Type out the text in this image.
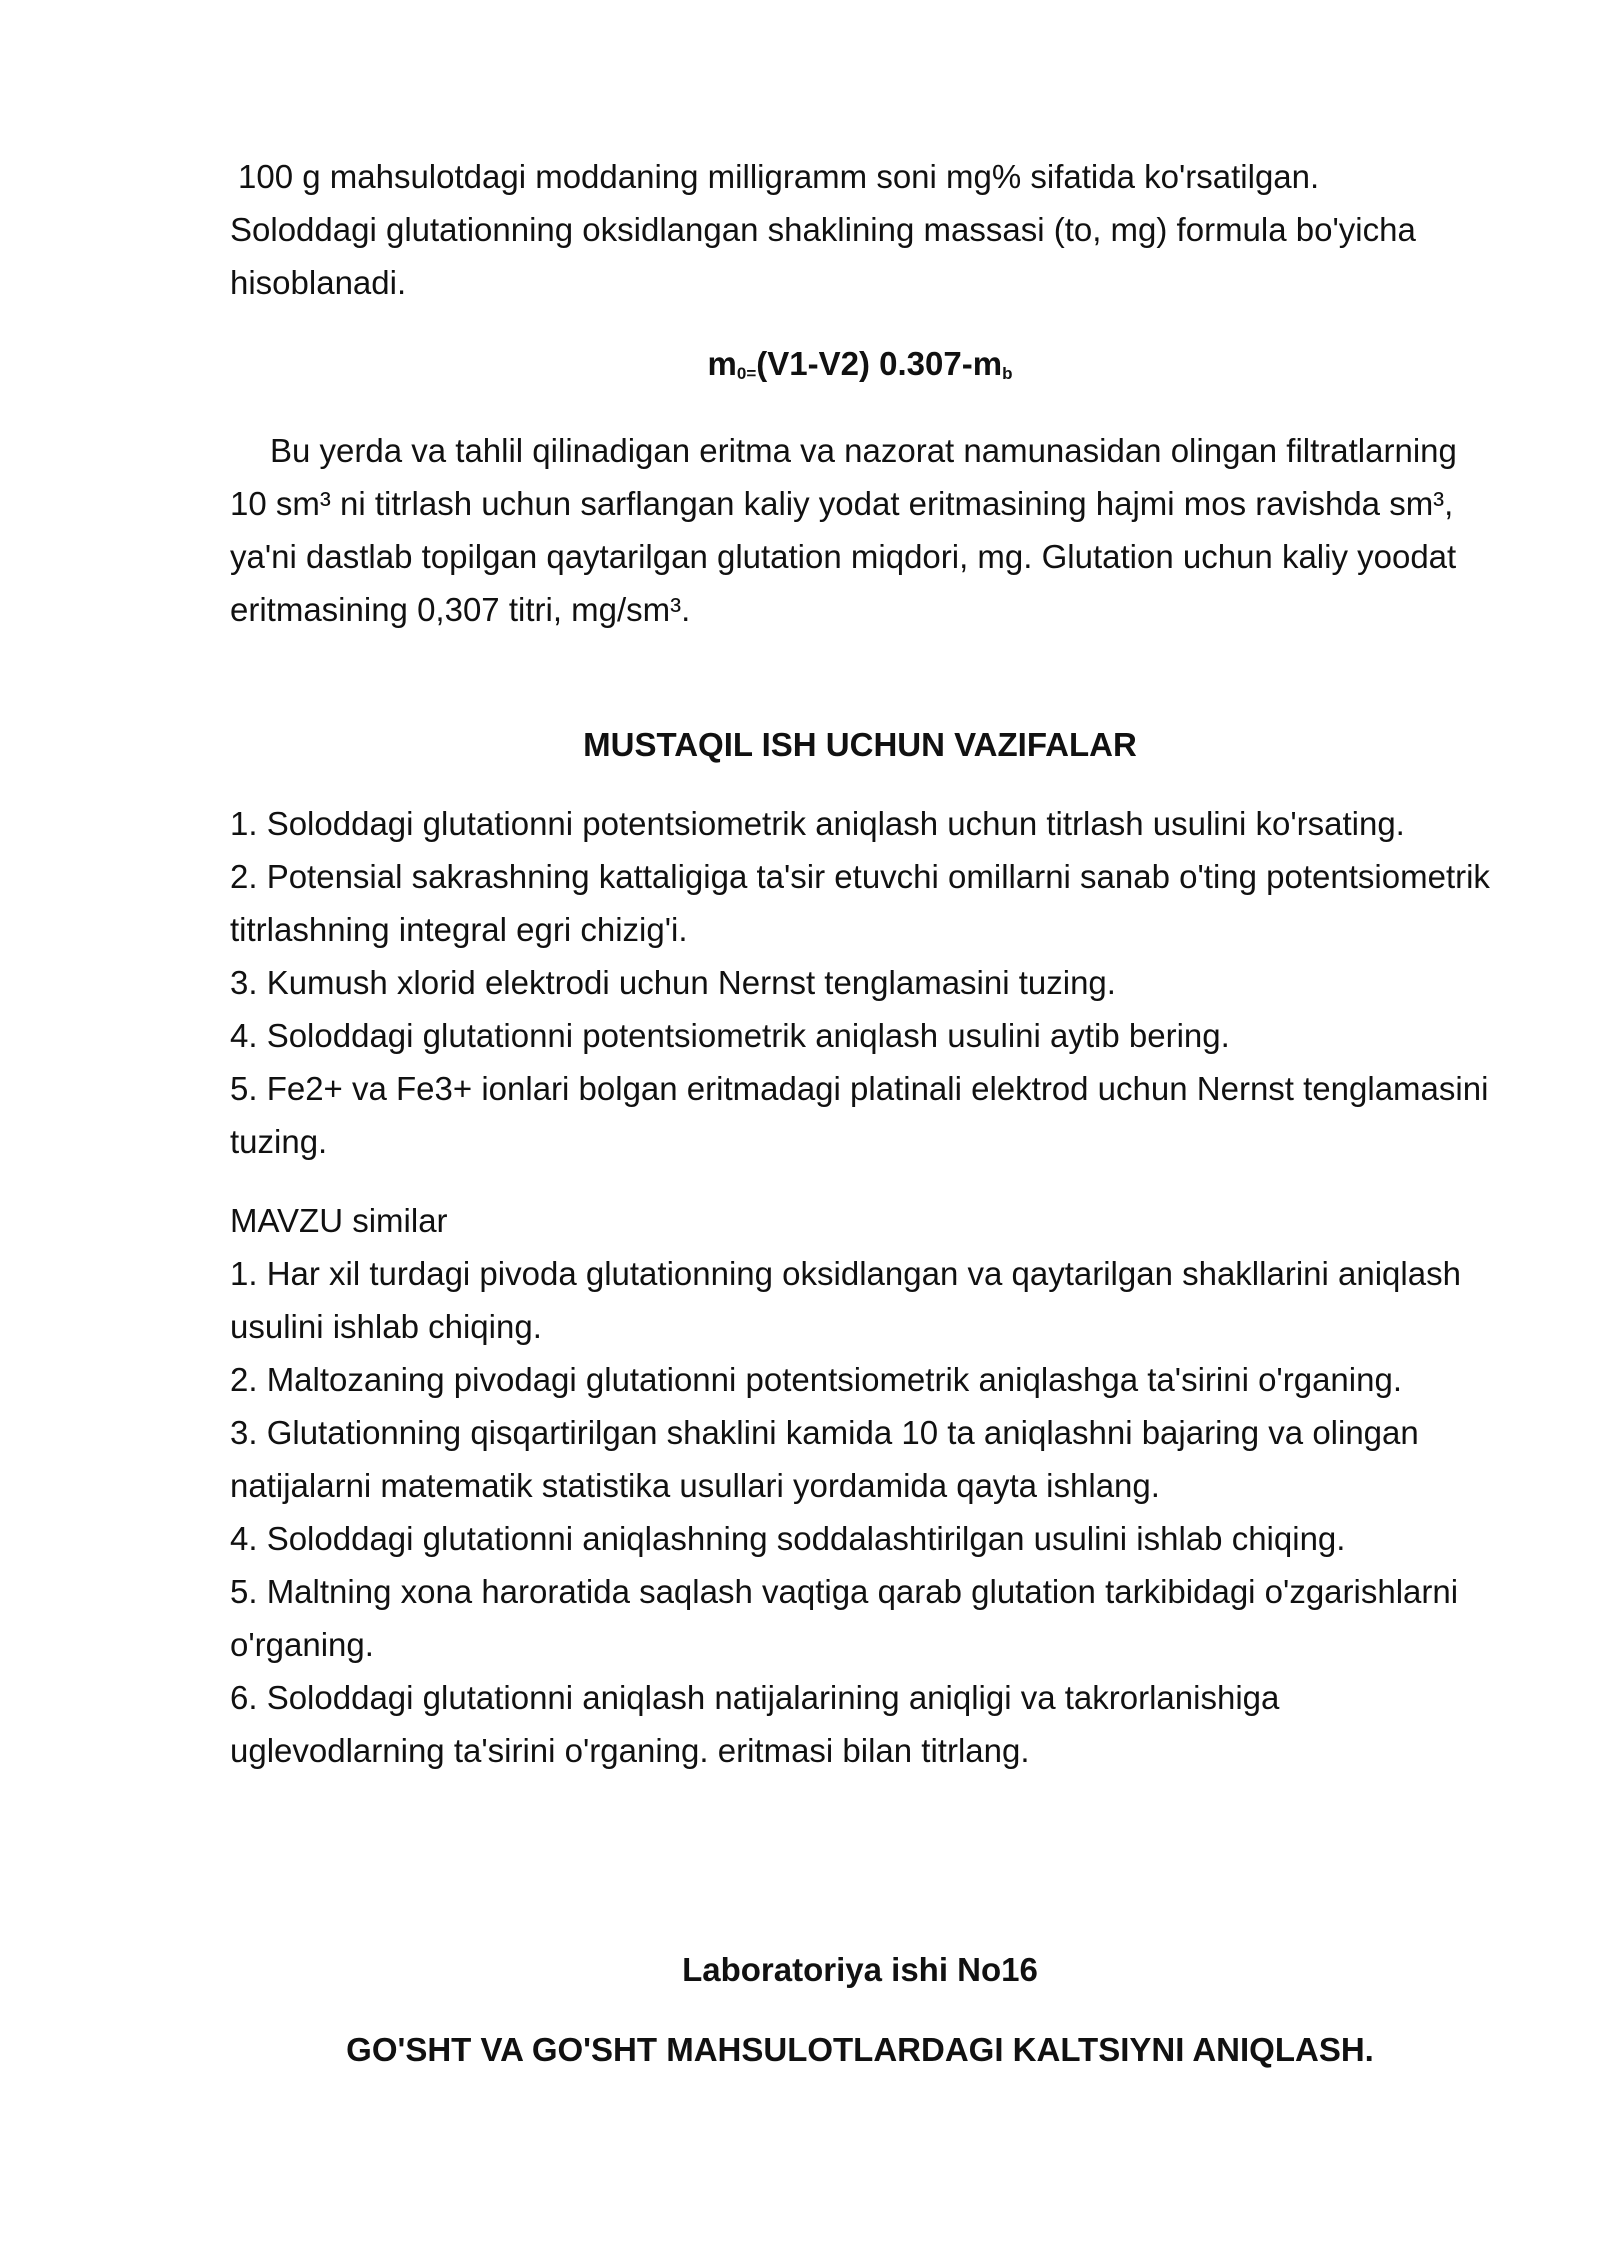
100 g mahsulotdagi moddaning milligramm soni mg% sifatida ko'rsatilgan.

Soloddagi glutationning oksidlangan shaklining massasi (to, mg) formula bo'yicha hisoblanadi.

$m_{0=}(V1-V2)$ $0.307-m_b$

Bu yerda va tahlil qilinadigan eritma va nazorat namunasidan olingan filtratlarning 10 sm³ ni titrlash uchun sarflangan kaliy yodat eritmasining hajmi mos ravishda sm³, ya'ni dastlab topilgan qaytarilgan glutation miqdori, mg. Glutation uchun kaliy yoodat eritmasining 0,307 titri, mg/sm³.

MUSTAQIL ISH UCHUN VAZIFALAR

1. Soloddagi glutationni potentsiometrik aniqlash uchun titrlash usulini ko'rsating.

2. Potensial sakrashning kattaligiga ta'sir etuvchi omillarni sanab o'ting potentsiometrik titrlashning integral egri chizig'i.

3. Kumush xlorid elektrodi uchun Nernst tenglamasini tuzing.

4. Soloddagi glutationni potentsiometrik aniqlash usulini aytib bering.

5. Fe2+ va Fe3+ ionlari bolgan eritmadagi platinali elektrod uchun Nernst tenglamasini tuzing.

MAVZU similar

1. Har xil turdagi pivoda glutationning oksidlangan va qaytarilgan shakllarini aniqlash usulini ishlab chiqing.

2. Maltozaning pivodagi glutationni potentsiometrik aniqlashga ta'sirini o'rganing.

3. Glutationning qisqartirilgan shaklini kamida 10 ta aniqlashni bajaring va olingan natijalarni matematik statistika usullari yordamida qayta ishlang.

4. Soloddagi glutationni aniqlashning soddalashtirilgan usulini ishlab chiqing.

5. Maltning xona haroratida saqlash vaqtiga qarab glutation tarkibidagi o'zgarishlarni o'rganing.

6. Soloddagi glutationni aniqlash natijalarining aniqligi va takrorlanishiga uglevodlarning ta'sirini o'rganing. eritmasi bilan titrlang.

Laboratoriya ishi No16

GO'SHT VA GO'SHT MAHSULOTLARDAGI KALTSIYNI ANIQLASH.
